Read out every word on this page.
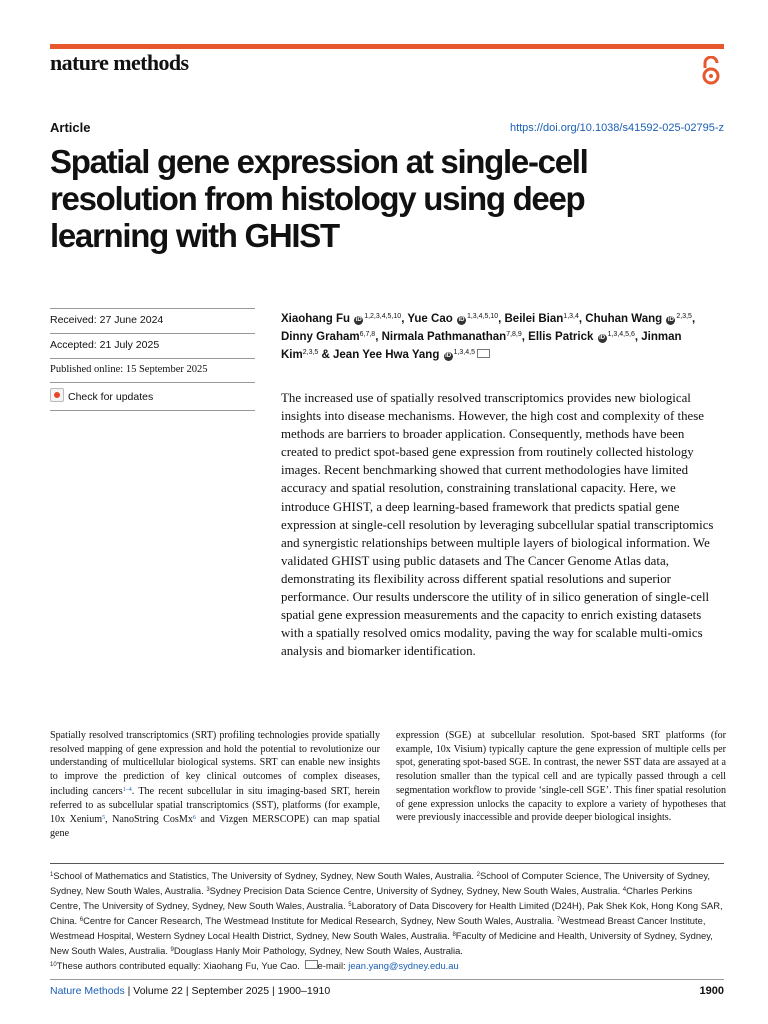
nature methods
Article	https://doi.org/10.1038/s41592-025-02795-z
Spatial gene expression at single-cell resolution from histology using deep learning with GHIST
Received: 27 June 2024
Accepted: 21 July 2025
Published online: 15 September 2025
Check for updates
Xiaohang Fu iD $^{1,2,3,4,5,10}$, Yue Cao iD $^{1,3,4,5,10}$, Beilei Bian$^{1,3,4}$, Chuhan Wang iD $^{2,3,5}$, Dinny Graham$^{6,7,8}$, Nirmala Pathmanathan$^{7,8,9}$, Ellis Patrick iD $^{1,3,4,5,6}$, Jinman Kim$^{2,3,5}$ & Jean Yee Hwa Yang iD $^{1,3,4,5}$

The increased use of spatially resolved transcriptomics provides new biological insights into disease mechanisms. However, the high cost and complexity of these methods are barriers to broader application. Consequently, methods have been created to predict spot-based gene expression from routinely collected histology images. Recent benchmarking showed that current methodologies have limited accuracy and spatial resolution, constraining translational capacity. Here, we introduce GHIST, a deep learning-based framework that predicts spatial gene expression at single-cell resolution by leveraging subcellular spatial transcriptomics and synergistic relationships between multiple layers of biological information. We validated GHIST using public datasets and The Cancer Genome Atlas data, demonstrating its flexibility across different spatial resolutions and superior performance. Our results underscore the utility of in silico generation of single-cell spatial gene expression measurements and the capacity to enrich existing datasets with a spatially resolved omics modality, paving the way for scalable multi-omics analysis and biomarker identification.

Spatially resolved transcriptomics (SRT) profiling technologies provide spatially resolved mapping of gene expression and hold the potential to revolutionize our understanding of multicellular biological systems. SRT can enable new insights to improve the prediction of key clinical outcomes of complex diseases, including cancers$^{1-4}$. The recent subcellular in situ imaging-based SRT, herein referred to as subcellular spatial transcriptomics (SST), platforms (for example, 10x Xenium$^5$, NanoString CosMx$^6$ and Vizgen MERSCOPE) can map spatial gene

expression (SGE) at subcellular resolution. Spot-based SRT platforms (for example, 10x Visium) typically capture the gene expression of multiple cells per spot, generating spot-based SGE. In contrast, the newer SST data are assayed at a resolution smaller than the typical cell and are typically passed through a cell segmentation workflow to provide ‘single-cell SGE’. This finer spatial resolution of gene expression unlocks the capacity to explore a variety of hypotheses that were previously inaccessible and provide deeper biological insights.

$^1$School of Mathematics and Statistics, The University of Sydney, Sydney, New South Wales, Australia. $^2$School of Computer Science, The University of Sydney, Sydney, New South Wales, Australia. $^3$Sydney Precision Data Science Centre, University of Sydney, Sydney, New South Wales, Australia. $^4$Charles Perkins Centre, The University of Sydney, Sydney, New South Wales, Australia. $^5$Laboratory of Data Discovery for Health Limited (D24H), Pak Shek Kok, Hong Kong SAR, China. $^6$Centre for Cancer Research, The Westmead Institute for Medical Research, Sydney, New South Wales, Australia. $^7$Westmead Breast Cancer Institute, Westmead Hospital, Western Sydney Local Health District, Sydney, New South Wales, Australia. $^8$Faculty of Medicine and Health, University of Sydney, Sydney, New South Wales, Australia. $^9$Douglass Hanly Moir Pathology, Sydney, New South Wales, Australia.
$^{10}$These authors contributed equally: Xiaohang Fu, Yue Cao. e-mail: jean.yang@sydney.edu.au
Nature Methods | Volume 22 | September 2025 | 1900–1910	1900
